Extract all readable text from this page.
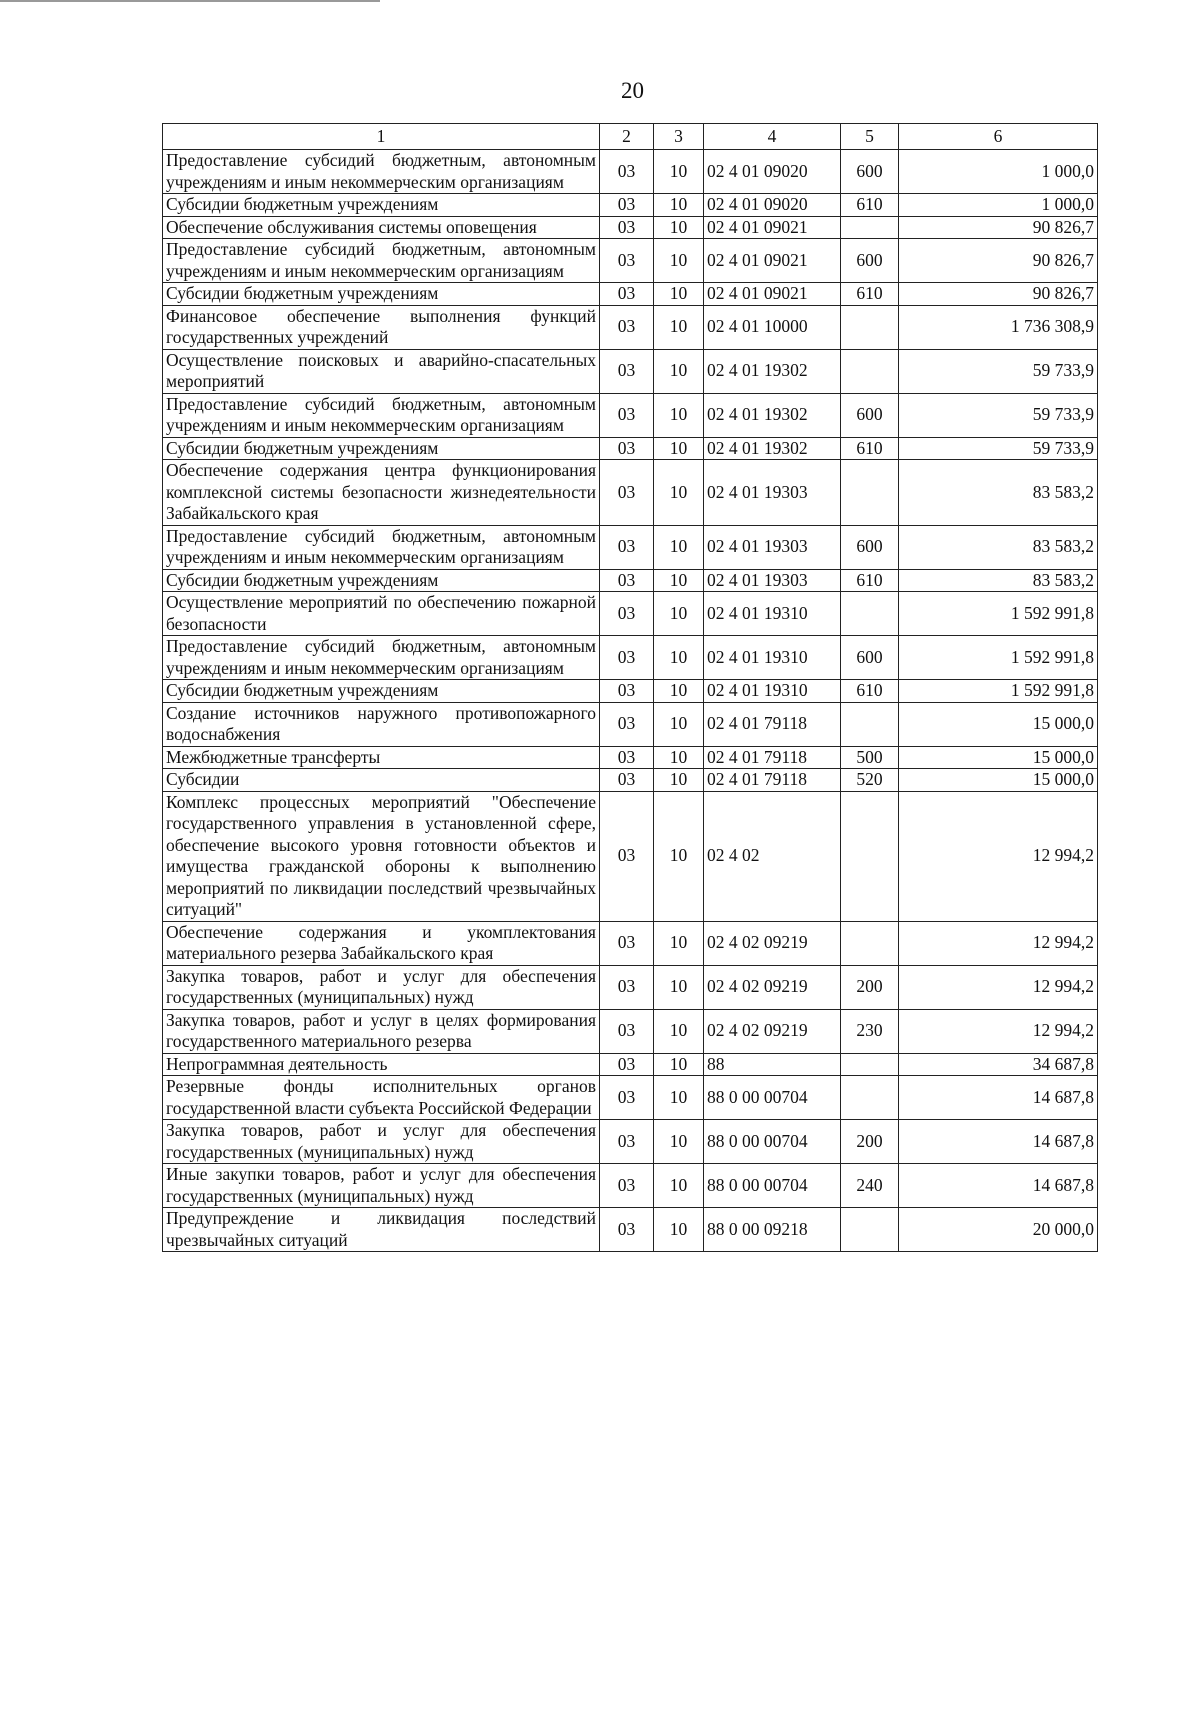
20
1	2	3	4	5	6
Предоставление субсидий бюджетным, автономным учреждениям и иным некоммерческим организациям	03	10	02 4 01 09020	600	1 000,0
Субсидии бюджетным учреждениям	03	10	02 4 01 09020	610	1 000,0
Обеспечение обслуживания системы оповещения	03	10	02 4 01 09021		90 826,7
Предоставление субсидий бюджетным, автономным учреждениям и иным некоммерческим организациям	03	10	02 4 01 09021	600	90 826,7
Субсидии бюджетным учреждениям	03	10	02 4 01 09021	610	90 826,7
Финансовое обеспечение выполнения функций государственных учреждений	03	10	02 4 01 10000		1 736 308,9
Осуществление поисковых и аварийно-спасательных мероприятий	03	10	02 4 01 19302		59 733,9
Предоставление субсидий бюджетным, автономным учреждениям и иным некоммерческим организациям	03	10	02 4 01 19302	600	59 733,9
Субсидии бюджетным учреждениям	03	10	02 4 01 19302	610	59 733,9
Обеспечение содержания центра функционирования комплексной системы безопасности жизнедеятельности Забайкальского края	03	10	02 4 01 19303		83 583,2
Предоставление субсидий бюджетным, автономным учреждениям и иным некоммерческим организациям	03	10	02 4 01 19303	600	83 583,2
Субсидии бюджетным учреждениям	03	10	02 4 01 19303	610	83 583,2
Осуществление мероприятий по обеспечению пожарной безопасности	03	10	02 4 01 19310		1 592 991,8
Предоставление субсидий бюджетным, автономным учреждениям и иным некоммерческим организациям	03	10	02 4 01 19310	600	1 592 991,8
Субсидии бюджетным учреждениям	03	10	02 4 01 19310	610	1 592 991,8
Создание источников наружного противопожарного водоснабжения	03	10	02 4 01 79118		15 000,0
Межбюджетные трансферты	03	10	02 4 01 79118	500	15 000,0
Субсидии	03	10	02 4 01 79118	520	15 000,0
Комплекс процессных мероприятий "Обеспечение государственного управления в установленной сфере, обеспечение высокого уровня готовности объектов и имущества гражданской обороны к выполнению мероприятий по ликвидации последствий чрезвычайных ситуаций"	03	10	02 4 02		12 994,2
Обеспечение содержания и укомплектования материального резерва Забайкальского края	03	10	02 4 02 09219		12 994,2
Закупка товаров, работ и услуг для обеспечения государственных (муниципальных) нужд	03	10	02 4 02 09219	200	12 994,2
Закупка товаров, работ и услуг в целях формирования государственного материального резерва	03	10	02 4 02 09219	230	12 994,2
Непрограммная деятельность	03	10	88		34 687,8
Резервные фонды исполнительных органов государственной власти субъекта Российской Федерации	03	10	88 0 00 00704		14 687,8
Закупка товаров, работ и услуг для обеспечения государственных (муниципальных) нужд	03	10	88 0 00 00704	200	14 687,8
Иные закупки товаров, работ и услуг для обеспечения государственных (муниципальных) нужд	03	10	88 0 00 00704	240	14 687,8
Предупреждение и ликвидация последствий чрезвычайных ситуаций	03	10	88 0 00 09218		20 000,0
